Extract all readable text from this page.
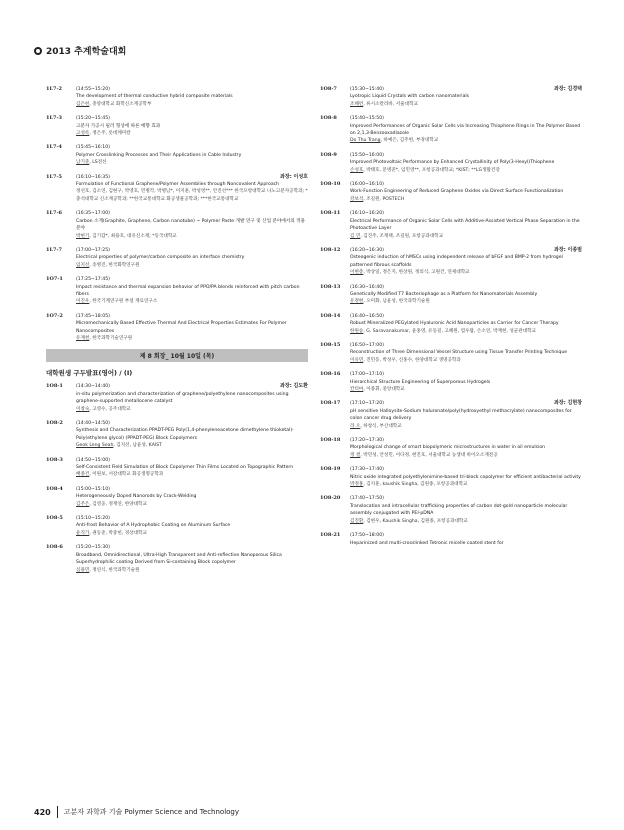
2013 추계학술대회
1L7-2	(14:55~15:20)
The development of thermal conductive hybrid composite materials
김은헌, 충앙대학교 화학신소재공학부
1L7-3	(15:20~15:45)
고분자 가공시 필러 형상에 따른 배향 효과
고성록, 정은주, 롯데케미칼
1L7-4	(15:45~16:10)
Polymer Crosslinking Processes and Their Applications in Cable Industry
남기준, LS전선
1L7-5	(16:10~16:35)	좌장: 이성호
Formulation of Functional Graphene/Polymer Assemblies through Noncovalent Approach
정선호, 김소연, 김현구, 박영호, 민병각, 박병남*, 이지훈, 박성영**, 안진선*** 한국포항대학교 나노고분자공학과; *충석대학교 신소재공학과; **한국교통대학교 화공생물공학과; ***한국교통대학교
1L7-6	(16:35~17:00)
Carbon 소재(Graphite, Graphene, Carbon nanotube) ~ Polymer Paste 개발 연구 및 산업 분야에서의 적용분야
박현기, 김기갑*, 최용호, 대유신소재; *동국대학교
1L7-7	(17:00~17:25)
Electrical properties of polymer/carbon composite on interface chemistry
임지선, 송병진, 한국화학연구원
1O7-1	(17:25~17:45)
Impact resistance and thermal expansion behavior of PPO/PA blends reinforced with pitch carbon fibers
이진우, 한국기계연구원 부설 재료연구소
1O7-2	(17:45~18:05)
Micromechanically Based Effective Thermal And Electrical Properties Estimates For Polymer Nanocomposites
유재천, 한국과학기술연구원
제 8 회장_ 10월 10일 (목)
대학원생 구두발표(영어) / (I)
1O8-1	(14:30~14:40)	좌장: 김도환
in-situ polymerization and characterization of graphene/polyethylene nanocomposites using graphene-supported metallocene catalyst
이창숙, 고영수, 공주대학교
1O8-2	(14:40~14:50)
Synthesis and Characterization PPADT-PEG Poly(1,4-phenyleneacetone dimethylene thioketal)-Poly(ethylene glycol) (PPADT-PEG) Block Copolymers
Geok Leng Seah, 김지선, 남윤성, KAIST
1O8-3	(14:50~15:00)
Self-Consistent Field Simulation of Block Copolymer Thin Films Located on Topographic Pattern
배종건, 이원보, 서강대학교 화공생명공학과
1O8-4	(15:00~15:10)
Heterogeneously Doped Nanorods by Crack-Welding
김주은, 김영웅, 정재연, 한양대학교
1O8-5	(15:10~15:20)
Anti-frost Behavior of A Hydrophobic Coating on Aluminum Surface
윤직가, 권동준, 박중헌, 경상대학교
1O8-6	(15:20~15:30)
Broadband, Omnidirectional, Ultra-High Transparent and Anti-reflective Nanoporous Silica Superhydrophilic coating Derived from Si-containing Block copolymer
심용민, 정연식, 한국과학기술원
1O8-7	(15:30~15:40)	좌장: 김경택
Lyotropic Liquid Crystals with carbon nanomaterials
조해련, 류시소칼라바, 서울대학교
1O8-8	(15:40~15:50)
Improved Performances of Organic Solar Cells via Increasing Thiophene Rings in The Polymer Based on 2,1,3-Benzooxadiazole
Do Thu Trang, 하예은, 김주현, 부경대학교
1O8-9	(15:50~16:00)
Improved Photovoltaic Performance by Enhanced Crystallinity of Poly(3-Hexyl)Thiophene
손성호, 박태호, 문병준*, 임민영**, 포항공과대학교; *KIST; **LG생활건강
1O8-10 (16:00~16:10)
Work-Function Engineering of Reduced Graphene Oxides via Direct Surface Functionalization
강보석, 조길원, POSTECH
1O8-11 (16:10~16:20)
Electrical Performance of Organic Solar Cells with Additive-Assisted Vertical Phase Separation in the Photoactive Layer
김 민, 김진주, 조재택, 조길원, 포항공과대학교
1O8-12 (16:20~16:30)	좌장: 이종범
Osteogenic induction of hMSCs using independent release of bFGF and BMP-2 from hydrogel patterned fibrous scaffolds
이현총, 박상일, 정은지, 한상원, 정의식, 고원건, 연세대학교
1O8-13 (16:30~16:40)
Genetically Modified T7 Bacteriophage as a Platform for Nanomaterials Assembly
유정현, 오미화, 남윤성, 한국과학기술원
1O8-14 (16:40~16:50)
Robust Mineralized PEGylated Hyaluronic Acid Nanoparticles as Carrier for Cancer Therapy
한원승, G. Saravanakumar, 윤홍영, 유동길, 고혜원, 염우람, 손소연, 박재현, 성균관대학교
1O8-15 (16:50~17:00)
Reconstruction of Three Dimensional Vessel Structure using Tissue Transfer Printing Technique
이유민, 진민동, 박성우, 신홍수, 한양대학교 생명공학과
1O8-16 (17:00~17:10)
Hierarchical Structure Engineering of Superporous Hydrogels
칸티마, 이종휘, 중앙대학교
1O8-17 (17:10~17:20)	좌장: 김현창
pH sensitive Halloysite-Sodium haluronate/poly(hydroxyethyl methacrylate) nanocomposites for colon cancer drug delivery
라 오, 하창식, 부산대학교
1O8-18 (17:20~17:30)
Morphological change of smart biopolymeric microstructures in water in oil emulsion
정 결, 박민성, 안성민, 이다정, 현진호, 서울대학교 농생대 바이오소재전공
1O8-19 (17:30~17:40)
Nitric oxide integrated polyethylenimine-based tri-block copolymer for efficient antibacterial activity
박정홍, 김지훈, kaushik Singha, 김원종, 포항공과대학교
1O8-20 (17:40~17:50)
Translocation and intracellular trafficking properties of carbon dot-gold nanoparticle molecular assembly conjugated with PEI-pDNA
김진환, 김현우, Kaushik Singha, 김원종, 포항공과대학교
1O8-21 (17:50~18:00)
Heparinized and multi-crosslinked Tetronic micelle coated stent for
420 고분자 과학과 기술 Polymer Science and Technology
